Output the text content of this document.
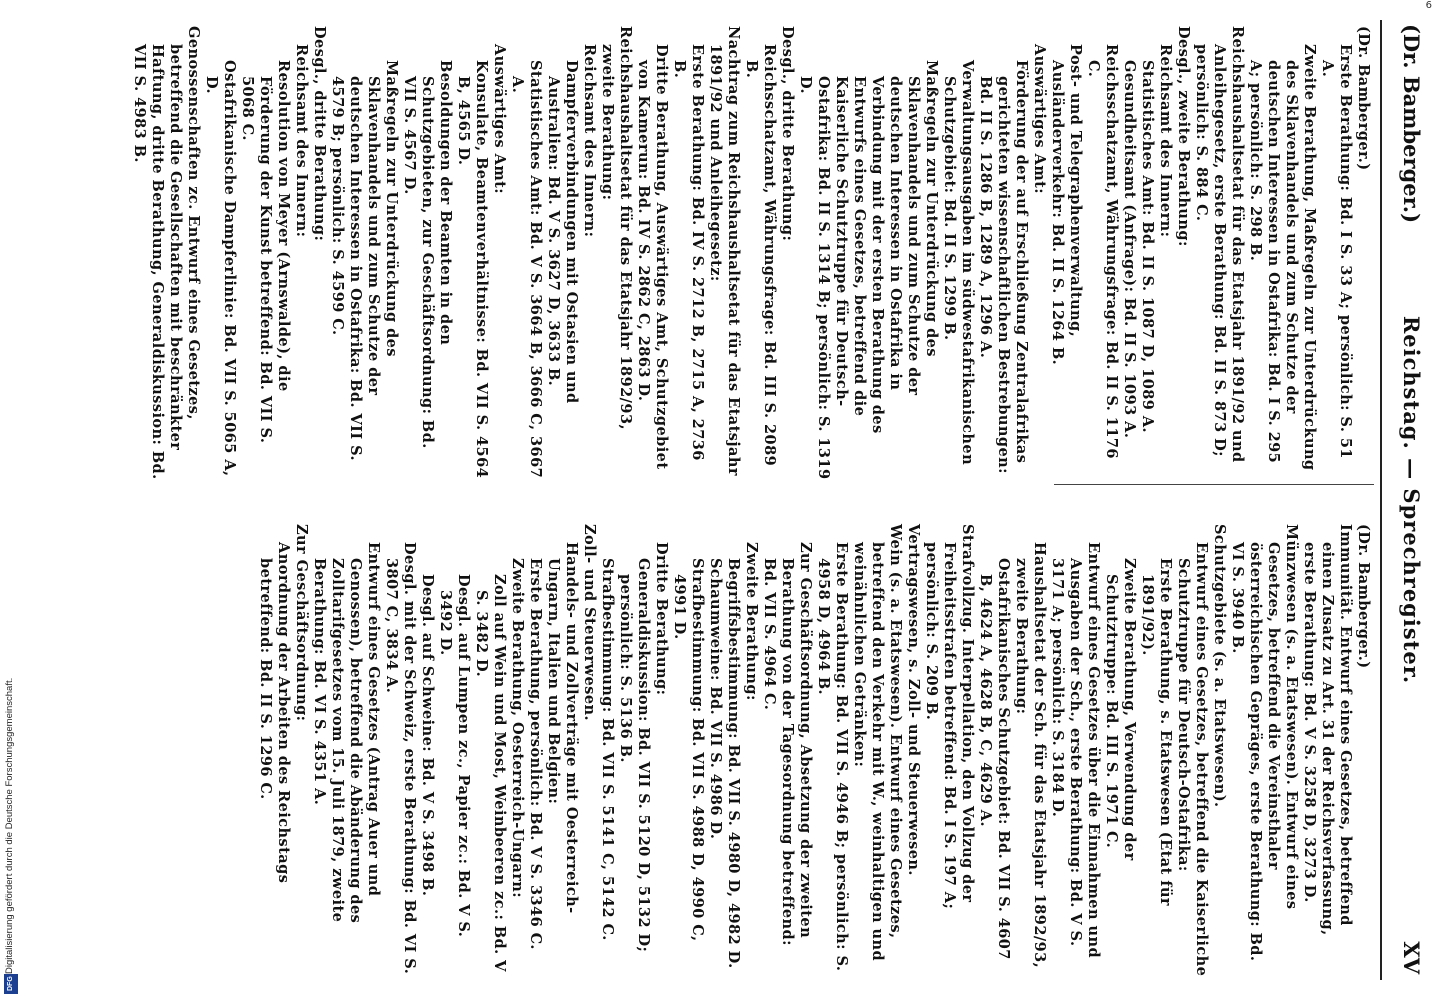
(Dr. Bamberger.)
Reichstag. — Sprechregister.
XV

(Dr. Bamberger.)

Erste Berathung: Bd. I S. 33 A; persönlich: S. 51 A.

Zweite Berathung, Maßregeln zur Unterdrückung des Sklavenhandels und zum Schutze der deutschen Interessen in Ostafrika: Bd. I S. 295 A; persönlich: S. 298 B.

Reichshaushaltsetat für das Etatsjahr 1891/92 und Anleihegesetz, erste Berathung: Bd. II S. 873 D; persönlich: S. 884 C.

Desgl., zweite Berathung:

Reichsamt des Innern:

Statistisches Amt: Bd. II S. 1087 D, 1089 A.

Gesundheitsamt (Anfrage): Bd. II S. 1093 A.

Reichsschatzamt, Währungsfrage: Bd. II S. 1176 C.

Post- und Telegraphenverwaltung, Ausländerverkehr: Bd. II S. 1264 B.

Auswärtiges Amt:

Förderung der auf Erschließung Zentralafrikas gerichteten wissenschaftlichen Bestrebungen: Bd. II S. 1286 B, 1289 A, 1296 A.

Verwaltungsausgaben im südwestafrikanischen Schutzgebiet: Bd. II S. 1299 B.

Maßregeln zur Unterdrückung des Sklavenhandels und zum Schutze der deutschen Interessen in Ostafrika in Verbindung mit der ersten Berathung des Entwurfs eines Gesetzes, betreffend die Kaiserliche Schutztruppe für Deutsch-Ostafrika: Bd. II S. 1314 B; persönlich: S. 1319 D.

Desgl., dritte Berathung:

Reichsschatzamt, Währungsfrage: Bd. III S. 2089 B.

Nachtrag zum Reichshaushaltsetat für das Etatsjahr 1891/92 und Anleihegesetz:

Erste Berathung: Bd. IV S. 2712 B, 2715 A, 2736 B.

Dritte Berathung, Auswärtiges Amt, Schutzgebiet von Kamerun: Bd. IV S. 2862 C, 2863 D.

Reichshaushaltsetat für das Etatsjahr 1892/93, zweite Berathung:

Reichsamt des Innern:

Dampferverbindungen mit Ostasien und Australien: Bd. V S. 3627 D, 3633 B.

Statistisches Amt: Bd. V S. 3664 B, 3666 C, 3667 A.

Auswärtiges Amt:

Konsulate, Beamtenverhältnisse: Bd. VII S. 4564 B, 4565 D.

Besoldungen der Beamten in den Schutzgebieten, zur Geschäftsordnung: Bd. VII S. 4567 D.

Maßregeln zur Unterdrückung des Sklavenhandels und zum Schutze der deutschen Interessen in Ostafrika: Bd. VII S. 4579 B; persönlich: S. 4599 C.

Desgl., dritte Berathung:

Reichsamt des Innern:

Resolution von Meyer (Arnswalde), die Förderung der Kunst betreffend: Bd. VII S. 5068 C.

Ostafrikanische Dampferlinie: Bd. VII S. 5065 A, D.

Genossenschaften zc. Entwurf eines Gesetzes, betreffend die Gesellschaften mit beschränkter Haftung, dritte Berathung, Generaldiskussion: Bd. VII S. 4983 B.

(Dr. Bamberger.)

Immunität. Entwurf eines Gesetzes, betreffend einen Zusatz zu Art. 31 der Reichsverfassung, erste Berathung: Bd. V S. 3258 D, 3273 D.

Münzwesen (s. a. Etatswesen). Entwurf eines Gesetzes, betreffend die Vereinsthaler österreichischen Gepräges, erste Berathung: Bd. VI S. 3940 B.

Schutzgebiete (s. a. Etatswesen).

Entwurf eines Gesetzes, betreffend die Kaiserliche Schutztruppe für Deutsch-Ostafrika:

Erste Berathung, s. Etatswesen (Etat für 1891/92).

Zweite Berathung, Verwendung der Schutztruppe: Bd. III S. 1971 C.

Entwurf eines Gesetzes über die Einnahmen und Ausgaben der Sch., erste Berathung: Bd. V S. 3171 A; persönlich: S. 3184 D.

Haushaltsetat der Sch. für das Etatsjahr 1892/93, zweite Berathung:

Ostafrikanisches Schutzgebiet: Bd. VII S. 4607 B, 4624 A, 4628 B, C, 4629 A.

Strafvollzug. Interpellation, den Vollzug der Freiheitsstrafen betreffend: Bd. I S. 197 A; persönlich: S. 209 B.

Vertragswesen, s. Zoll- und Steuerwesen.

Wein (s. a. Etatswesen). Entwurf eines Gesetzes, betreffend den Verkehr mit W., weinhaltigen und weinähnlichen Getränken:

Erste Berathung: Bd. VII S. 4946 B; persönlich: S. 4958 D, 4964 B.

Zur Geschäftsordnung, Absetzung der zweiten Berathung von der Tagesordnung betreffend: Bd. VII S. 4964 C.

Zweite Berathung:

Begriffsbestimmung: Bd. VII S. 4980 D, 4982 D.

Schaumweine: Bd. VII S. 4986 D.

Strafbestimmung: Bd. VII S. 4988 D, 4990 C, 4991 D.

Dritte Berathung:

Generaldiskussion: Bd. VII S. 5120 D, 5132 D; persönlich: S. 5136 B.

Strafbestimmung: Bd. VII S. 5141 C, 5142 C.

Zoll- und Steuerwesen.

Handels- und Zollverträge mit Oesterreich-Ungarn, Italien und Belgien:

Erste Berathung, persönlich: Bd. V S. 3346 C.

Zweite Berathung, Oesterreich-Ungarn:

Zoll auf Wein und Most, Weinbeeren zc.: Bd. V S. 3482 D.

Desgl. auf Lumpen zc., Papier zc.: Bd. V S. 3492 D.

Desgl. auf Schweine: Bd. V S. 3498 B.

Desgl. mit der Schweiz, erste Berathung: Bd. VI S. 3807 C, 3834 A.

Entwurf eines Gesetzes (Antrag Auer und Genossen), betreffend die Abänderung des Zolltarifgesetzes vom 15. Juli 1879, zweite Berathung: Bd. VI S. 4351 A.

Zur Geschäftsordnung:

Anordnung der Arbeiten des Reichstags betreffend: Bd. II S. 1296 C.

Digitalisierung gefördert durch die Deutsche Forschungsgemeinschaft.
DFG
6
